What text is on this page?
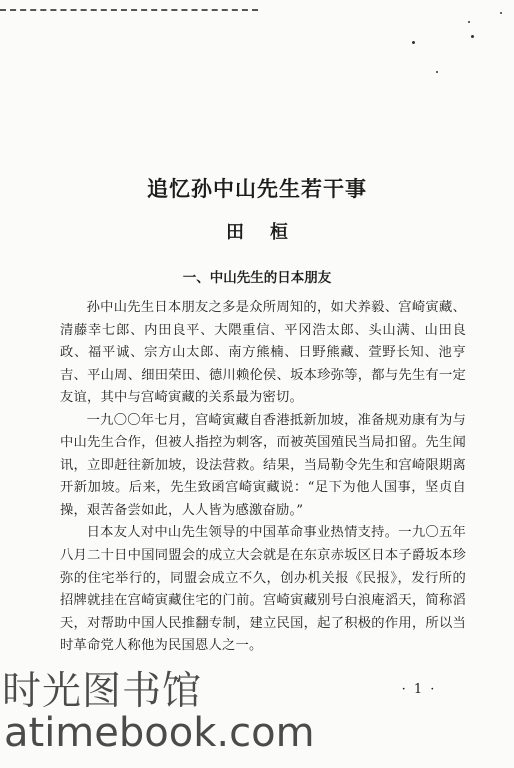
追忆孙中山先生若干事
田桓
一、中山先生的日本朋友

孙中山先生日本朋友之多是众所周知的，如犬养毅、宫崎寅藏、清藤幸七郎、内田良平、大隈重信、平冈浩太郎、头山满、山田良政、福平诚、宗方山太郎、南方熊楠、日野熊藏、萱野长知、池亨吉、平山周、细田荣田、德川赖伦侯、坂本珍弥等，都与先生有一定友谊，其中与宫崎寅藏的关系最为密切。

一九〇〇年七月，宫崎寅藏自香港抵新加坡，准备规劝康有为与中山先生合作，但被人指控为刺客，而被英国殖民当局扣留。先生闻讯，立即赶往新加坡，设法营救。结果，当局勒令先生和宫崎限期离开新加坡。后来，先生致函宫崎寅藏说：“足下为他人国事，坚贞自操，艰苦备尝如此，人人皆为感激奋励。”

日本友人对中山先生领导的中国革命事业热情支持。一九〇五年八月二十日中国同盟会的成立大会就是在东京赤坂区日本子爵坂本珍弥的住宅举行的，同盟会成立不久，创办机关报《民报》，发行所的招牌就挂在宫崎寅藏住宅的门前。宫崎寅藏别号白浪庵滔天，简称滔天，对帮助中国人民推翻专制，建立民国，起了积极的作用，所以当时革命党人称他为民国恩人之一。

· 1 ·
时光图书馆
atimebook.com
